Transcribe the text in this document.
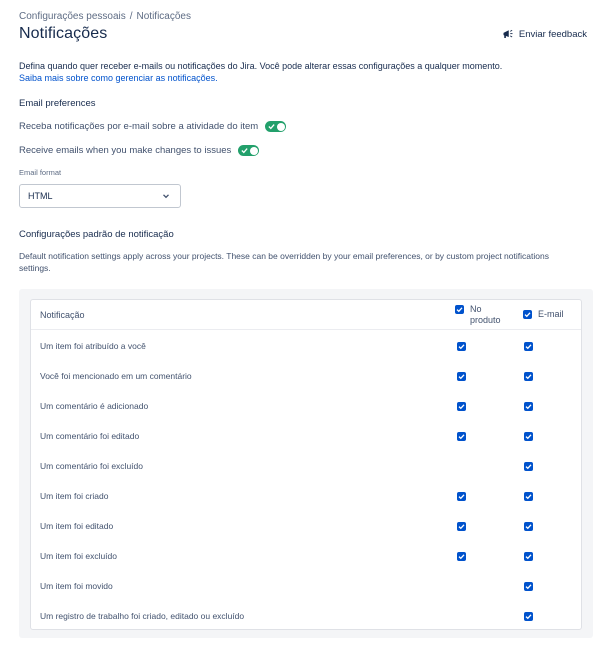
Configurações pessoais / Notificações
Notificações	Enviar feedback
Defina quando quer receber e-mails ou notificações do Jira. Você pode alterar essas configurações a qualquer momento.
Saiba mais sobre como gerenciar as notificações.
Email preferences
Receba notificações por e-mail sobre a atividade do item
Receive emails when you make changes to issues
Email format
HTML
Configurações padrão de notificação
Default notification settings apply across your projects. These can be overridden by your email preferences, or by custom project notifications settings.
Notificação
No produto
E-mail
Um item foi atribuído a você
Você foi mencionado em um comentário
Um comentário é adicionado
Um comentário foi editado
Um comentário foi excluído
Um item foi criado
Um item foi editado
Um item foi excluído
Um item foi movido
Um registro de trabalho foi criado, editado ou excluído
